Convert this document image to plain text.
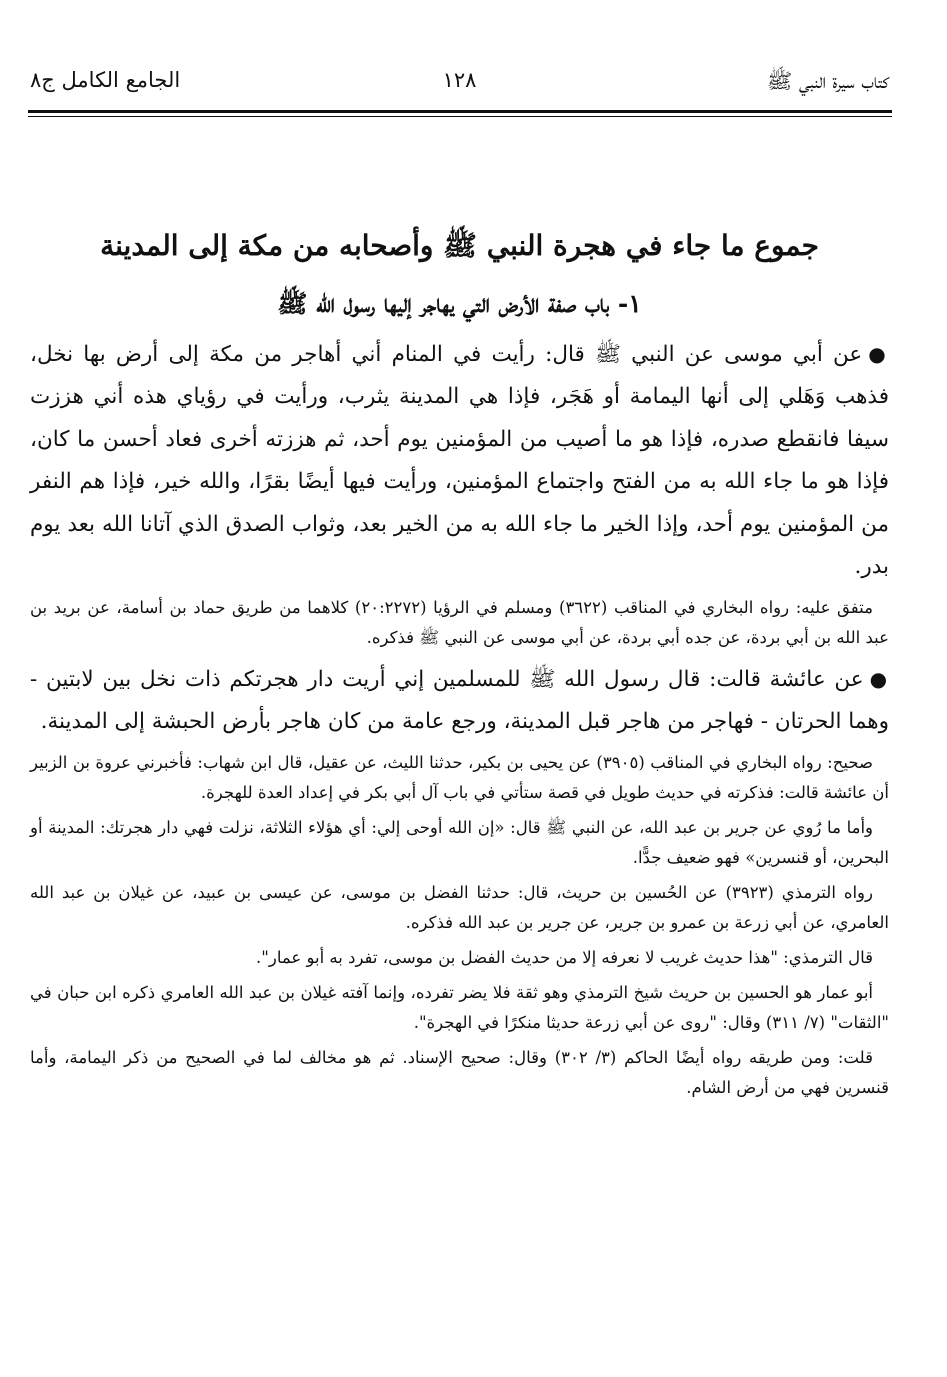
كتاب سيرة النبي ﷺ
١٢٨
الجامع الكامل ج٨
جموع ما جاء في هجرة النبي ﷺ وأصحابه من مكة إلى المدينة
١- باب صفة الأرض التي يهاجر إليها رسول الله ﷺ

●عن أبي موسى عن النبي ﷺ قال: رأيت في المنام أني أهاجر من مكة إلى أرض بها نخل، فذهب وَهَلي إلى أنها اليمامة أو هَجَر، فإذا هي المدينة يثرب، ورأيت في رؤياي هذه أني هززت سيفا فانقطع صدره، فإذا هو ما أصيب من المؤمنين يوم أحد، ثم هززته أخرى فعاد أحسن ما كان، فإذا هو ما جاء الله به من الفتح واجتماع المؤمنين، ورأيت فيها أيضًا بقرًا، والله خير، فإذا هم النفر من المؤمنين يوم أحد، وإذا الخير ما جاء الله به من الخير بعد، وثواب الصدق الذي آتانا الله بعد يوم بدر.

متفق عليه: رواه البخاري في المناقب (٣٦٢٢) ومسلم في الرؤيا (٢٠:٢٢٧٢) كلاهما من طريق حماد بن أسامة، عن بريد بن عبد الله بن أبي بردة، عن جده أبي بردة، عن أبي موسى عن النبي ﷺ فذكره.

●عن عائشة قالت: قال رسول الله ﷺ للمسلمين إني أريت دار هجرتكم ذات نخل بين لابتين - وهما الحرتان - فهاجر من هاجر قبل المدينة، ورجع عامة من كان هاجر بأرض الحبشة إلى المدينة.

صحيح: رواه البخاري في المناقب (٣٩٠٥) عن يحيى بن بكير، حدثنا الليث، عن عقيل، قال ابن شهاب: فأخبرني عروة بن الزبير أن عائشة قالت: فذكرته في حديث طويل في قصة ستأتي في باب آل أبي بكر في إعداد العدة للهجرة.

وأما ما رُوي عن جرير بن عبد الله، عن النبي ﷺ قال: «إن الله أوحى إلي: أي هؤلاء الثلاثة، نزلت فهي دار هجرتك: المدينة أو البحرين، أو قنسرين» فهو ضعيف جدًّا.

رواه الترمذي (٣٩٢٣) عن الحُسين بن حريث، قال: حدثنا الفضل بن موسى، عن عيسى بن عبيد، عن غيلان بن عبد الله العامري، عن أبي زرعة بن عمرو بن جرير، عن جرير بن عبد الله فذكره.

قال الترمذي: "هذا حديث غريب لا نعرفه إلا من حديث الفضل بن موسى، تفرد به أبو عمار".

أبو عمار هو الحسين بن حريث شيخ الترمذي وهو ثقة فلا يضر تفرده، وإنما آفته غيلان بن عبد الله العامري ذكره ابن حبان في "الثقات" (٧/ ٣١١) وقال: "روى عن أبي زرعة حديثا منكرًا في الهجرة".

قلت: ومن طريقه رواه أيضًا الحاكم (٣/ ٣٠٢) وقال: صحيح الإسناد. ثم هو مخالف لما في الصحيح من ذكر اليمامة، وأما قنسرين فهي من أرض الشام.
